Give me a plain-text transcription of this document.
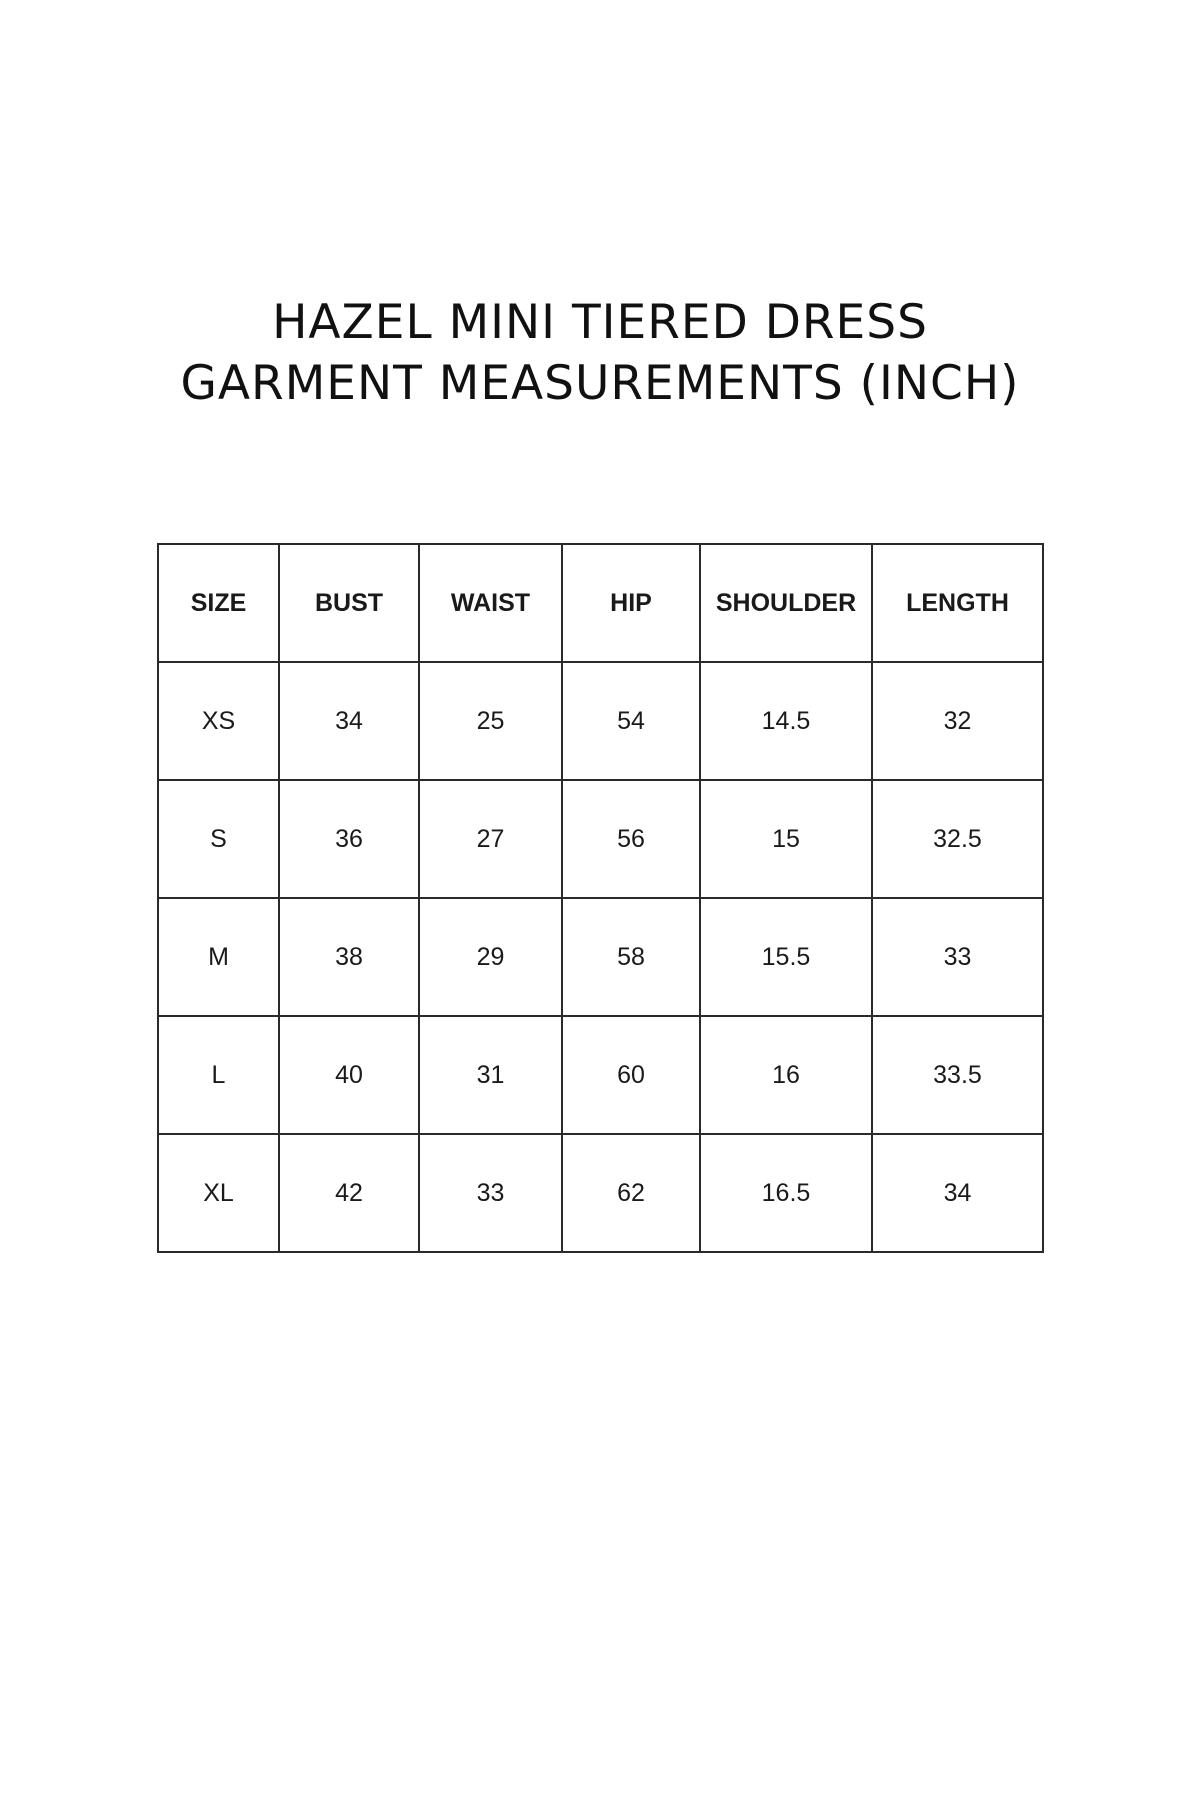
HAZEL MINI TIERED DRESS
GARMENT MEASUREMENTS (INCH)
SIZE	BUST	WAIST	HIP	SHOULDER	LENGTH
XS	34	25	54	14.5	32
S	36	27	56	15	32.5
M	38	29	58	15.5	33
L	40	31	60	16	33.5
XL	42	33	62	16.5	34
